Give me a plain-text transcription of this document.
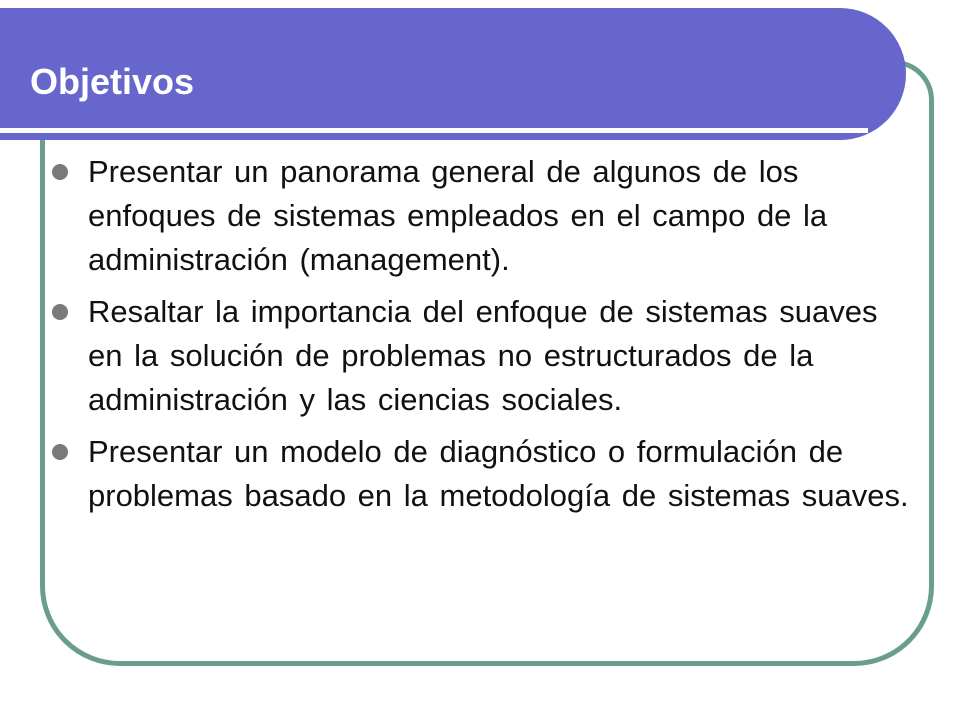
Objetivos
Presentar un panorama general de algunos de los enfoques de sistemas empleados en el campo de la administración (management).
Resaltar la importancia del enfoque de sistemas suaves en la solución de problemas no estructurados de la administración y las ciencias sociales.
Presentar un modelo de diagnóstico o formulación de problemas basado en la metodología de sistemas suaves.
